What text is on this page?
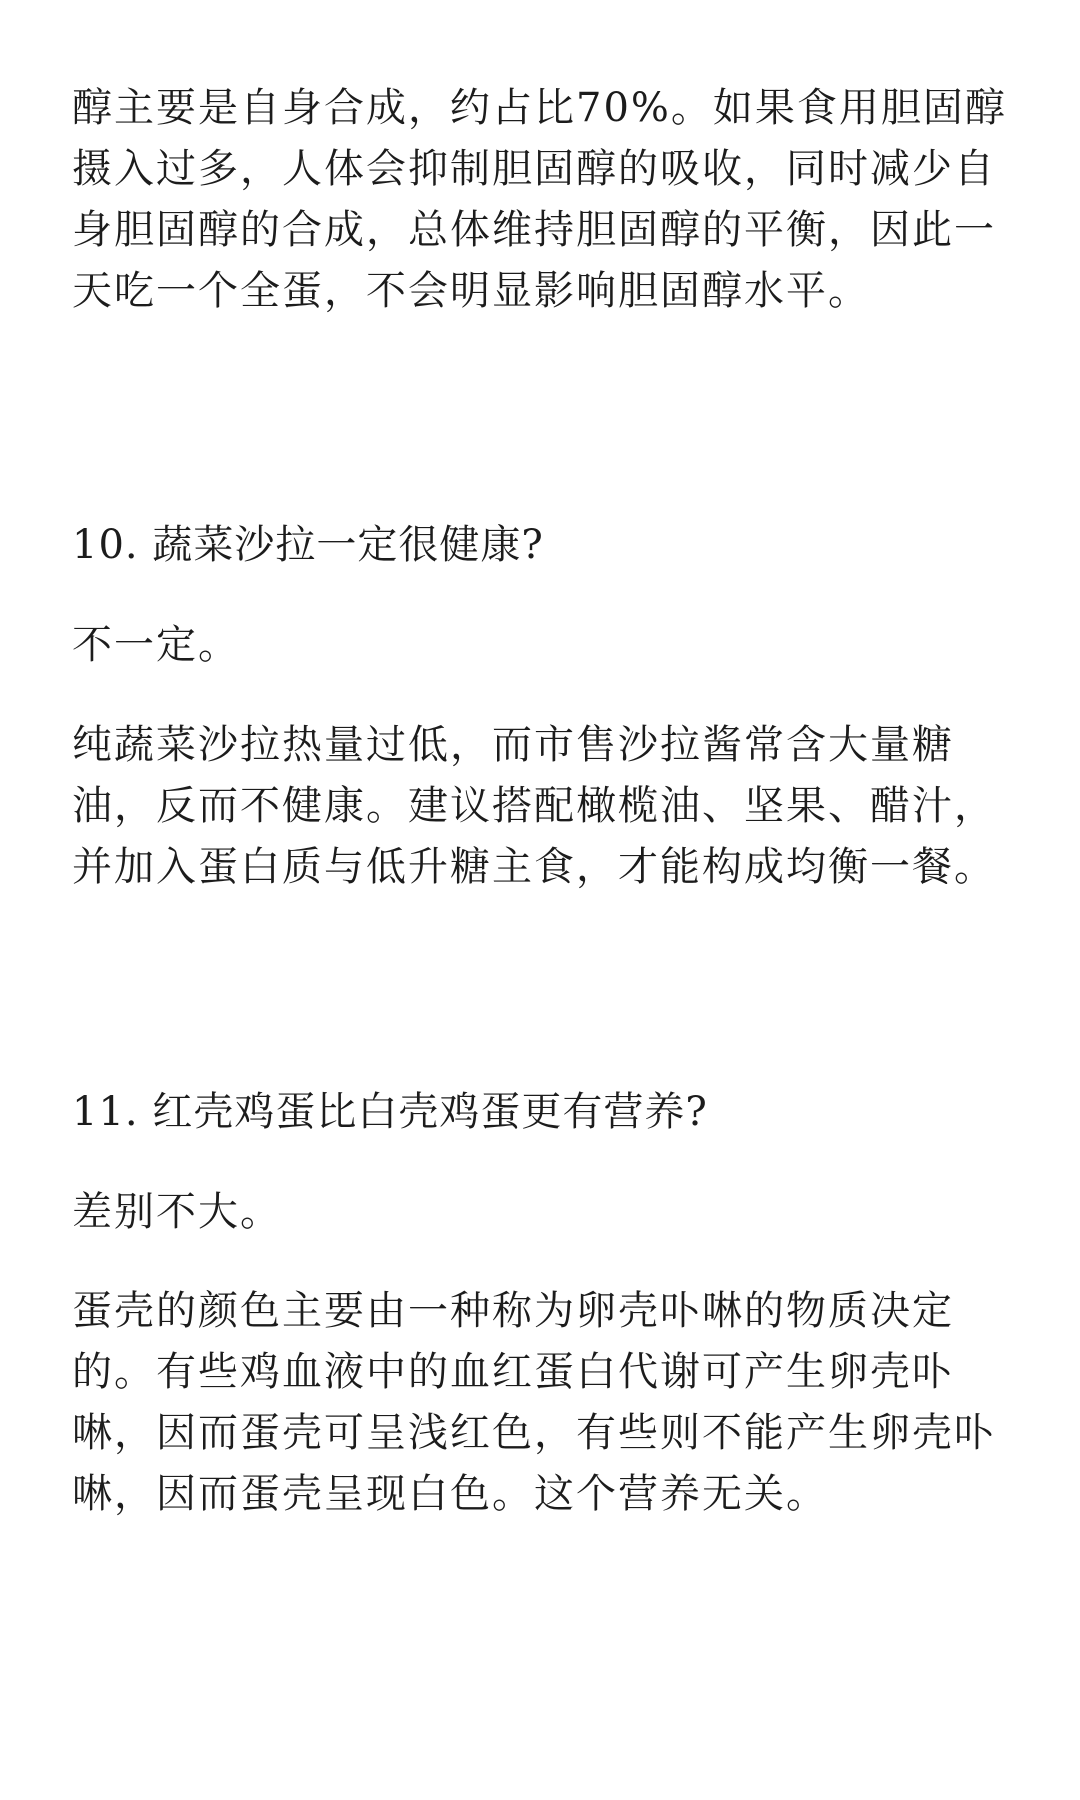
醇主要是自身合成，约占比70%。如果食用胆固醇
摄入过多，人体会抑制胆固醇的吸收，同时减少自
身胆固醇的合成，总体维持胆固醇的平衡，因此一
天吃一个全蛋，不会明显影响胆固醇水平。

10. 蔬菜沙拉一定很健康?

不一定。

纯蔬菜沙拉热量过低，而市售沙拉酱常含大量糖
油，反而不健康。建议搭配橄榄油、坚果、醋汁，
并加入蛋白质与低升糖主食，才能构成均衡一餐。

11. 红壳鸡蛋比白壳鸡蛋更有营养?

差别不大。

蛋壳的颜色主要由一种称为卵壳卟啉的物质决定
的。有些鸡血液中的血红蛋白代谢可产生卵壳卟
啉，因而蛋壳可呈浅红色，有些则不能产生卵壳卟
啉，因而蛋壳呈现白色。这个营养无关。
